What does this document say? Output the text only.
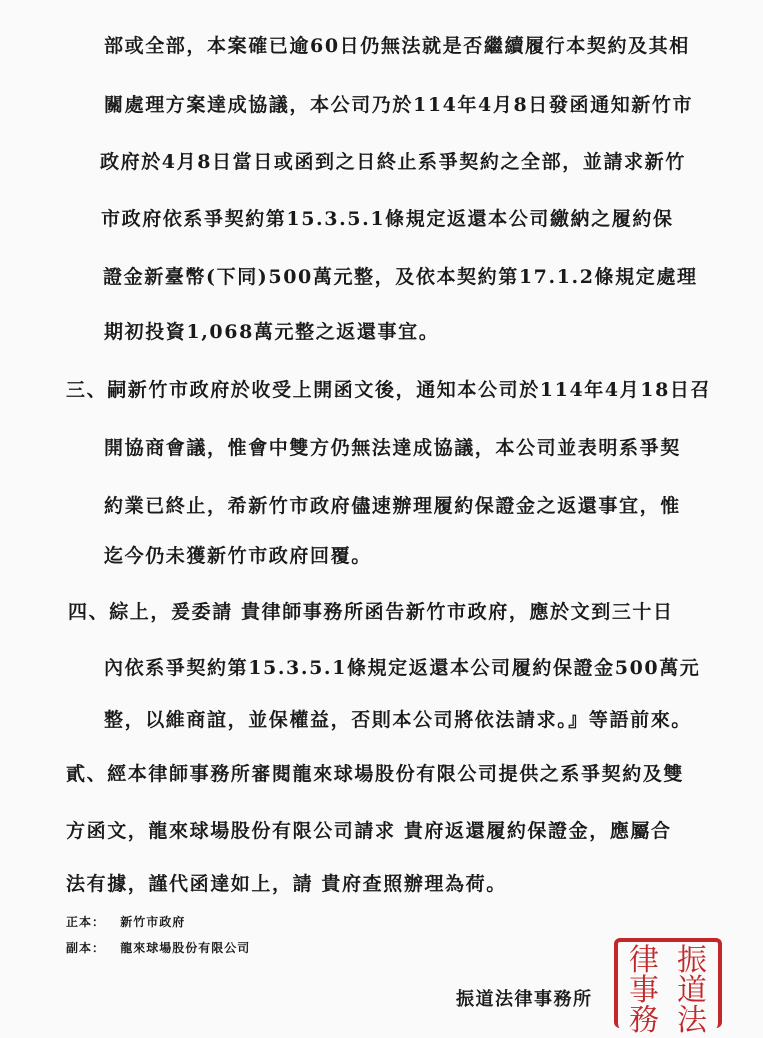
部或全部，本案確已逾60日仍無法就是否繼續履行本契約及其相
關處理方案達成協議，本公司乃於114年4月8日發函通知新竹市
政府於4月8日當日或函到之日終止系爭契約之全部，並請求新竹
市政府依系爭契約第15.3.5.1條規定返還本公司繳納之履約保
證金新臺幣(下同)500萬元整，及依本契約第17.1.2條規定處理
期初投資1,068萬元整之返還事宜。
三、嗣新竹市政府於收受上開函文後，通知本公司於114年4月18日召
開協商會議，惟會中雙方仍無法達成協議，本公司並表明系爭契
約業已終止，希新竹市政府儘速辦理履約保證金之返還事宜，惟
迄今仍未獲新竹市政府回覆。
四、綜上，爰委請 貴律師事務所函告新竹市政府，應於文到三十日
內依系爭契約第15.3.5.1條規定返還本公司履約保證金500萬元
整，以維商誼，並保權益，否則本公司將依法請求。』等語前來。
貳、經本律師事務所審閱龍來球場股份有限公司提供之系爭契約及雙
方函文，龍來球場股份有限公司請求 貴府返還履約保證金，應屬合
法有據，謹代函達如上，請 貴府查照辦理為荷。
正本： 新竹市政府
副本： 龍來球場股份有限公司
振道法律事務所
振
道
法
律
事
務
